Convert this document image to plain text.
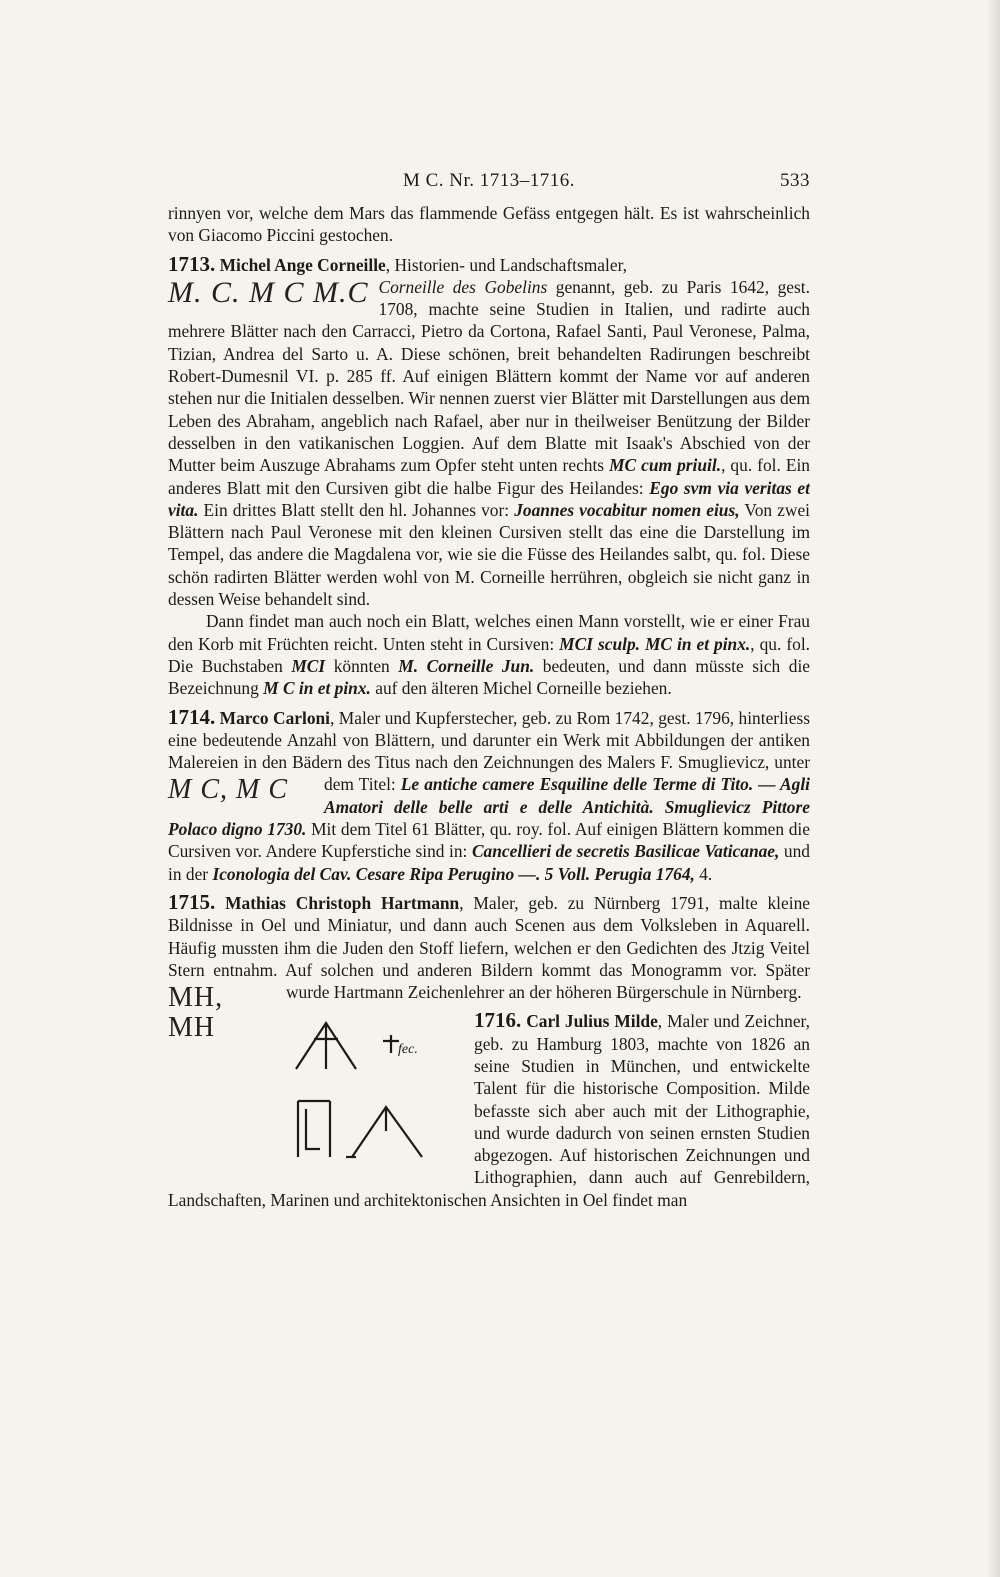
M C. Nr. 1713–1716.	533

rinnyen vor, welche dem Mars das flammende Gefäss entgegen hält. Es ist wahrscheinlich von Giacomo Piccini gestochen.

1713. Michel Ange Corneille, Historien- und Landschaftsmaler,

M. C. M C M.C Corneille des Gobelins genannt, geb. zu Paris 1642, gest. 1708, machte seine Studien in Italien, und radirte auch mehrere Blätter nach den Carracci, Pietro da Cortona, Rafael Santi, Paul Veronese, Palma, Tizian, Andrea del Sarto u. A. Diese schönen, breit behandelten Radirungen beschreibt Robert-Dumesnil VI. p. 285 ff. Auf einigen Blättern kommt der Name vor auf anderen stehen nur die Initialen desselben. Wir nennen zuerst vier Blätter mit Darstellungen aus dem Leben des Abraham, angeblich nach Rafael, aber nur in theilweiser Benützung der Bilder desselben in den vatikanischen Loggien. Auf dem Blatte mit Isaak's Abschied von der Mutter beim Auszuge Abrahams zum Opfer steht unten rechts MC cum priuil., qu. fol. Ein anderes Blatt mit den Cursiven gibt die halbe Figur des Heilandes: Ego svm via veritas et vita. Ein drittes Blatt stellt den hl. Johannes vor: Joannes vocabitur nomen eius, Von zwei Blättern nach Paul Veronese mit den kleinen Cursiven stellt das eine die Darstellung im Tempel, das andere die Magdalena vor, wie sie die Füsse des Heilandes salbt, qu. fol. Diese schön radirten Blätter werden wohl von M. Corneille herrühren, obgleich sie nicht ganz in dessen Weise behandelt sind.

Dann findet man auch noch ein Blatt, welches einen Mann vorstellt, wie er einer Frau den Korb mit Früchten reicht. Unten steht in Cursiven: MCI sculp. MC in et pinx., qu. fol. Die Buchstaben MCI könnten M. Corneille Jun. bedeuten, und dann müsste sich die Bezeichnung M C in et pinx. auf den älteren Michel Corneille beziehen.

1714. Marco Carloni, Maler und Kupferstecher, geb. zu Rom 1742, gest. 1796, hinterliess eine bedeutende Anzahl von Blättern, und darunter ein Werk mit Abbildungen der antiken Malereien in den Bädern des Titus nach den Zeichnungen des Malers F. Smuglievicz, unter dem Titel:
M C, M C	Le antiche camere Esquiline delle Terme di Tito. — Agli Amatori delle belle arti e delle Antichità. Smuglievicz Pittore Polaco digno 1730. Mit dem Titel 61 Blätter, qu. roy. fol. Auf einigen Blättern kommen die Cursiven vor. Andere Kupferstiche sind in: Cancellieri de secretis Basilicae Vaticanae, und in der Iconologia del Cav. Cesare Ripa Perugino —. 5 Voll. Perugia 1764, 4.

1715. Mathias Christoph Hartmann, Maler, geb. zu Nürnberg 1791, malte kleine Bildnisse in Oel und Miniatur, und dann auch Scenen aus dem Volksleben in Aquarell. Häufig mussten ihm die Juden den Stoff liefern, welchen er den Gedichten des Jtzig Veitel Stern entnahm. Auf solchen und anderen Bildern kommt das Monogramm vor. Später wurde Hartmann Zeichenlehrer an der höheren Bürgerschule in Nürnberg.
MH, MH

fec.

1716. Carl Julius Milde, Maler und Zeichner, geb. zu Hamburg 1803, machte von 1826 an seine Studien in München, und entwickelte Talent für die historische Composition. Milde befasste sich aber auch mit der Lithographie, und wurde dadurch von seinen ernsten Studien abgezogen. Auf historischen Zeichnungen und Lithographien, dann auch auf Genrebildern, Landschaften, Marinen und architektonischen Ansichten in Oel findet man
